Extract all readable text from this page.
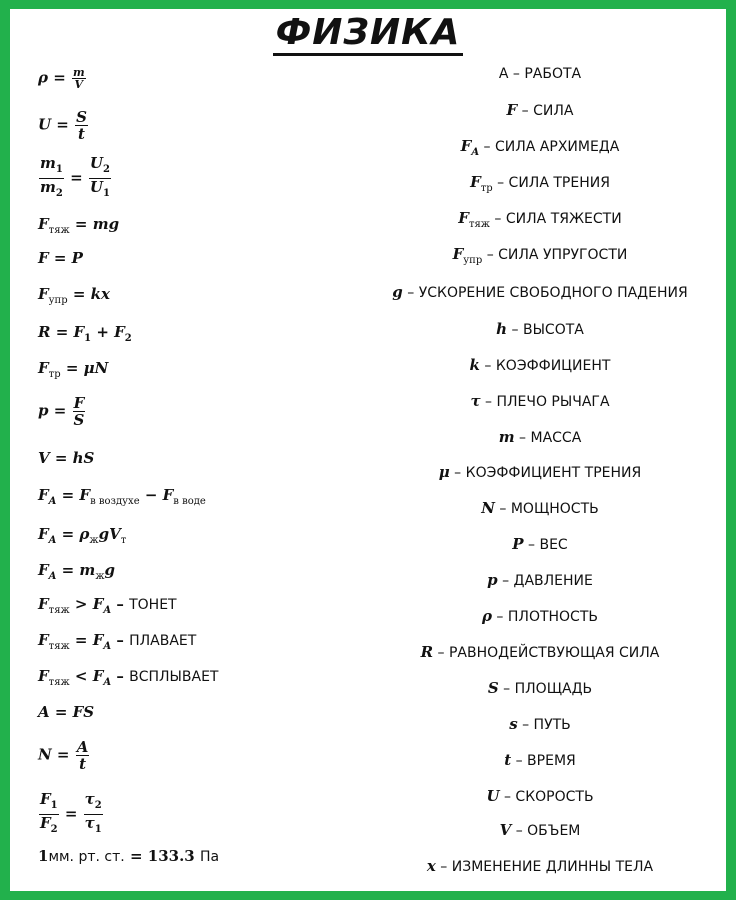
ФИЗИКА
$\rho = \frac{m}{V}$
$U = \frac{S}{t}$
$\frac{m_1}{m_2} = \frac{U_2}{U_1}$
$F_{тяж}$ = mg
F = P
$F_{упр}$ = kx
$R = F_1 + F_2$
$F_{тр} = \mu N$
$p = \frac{F}{S}$
V = hS
$F_A = F_{в воздухе} - F_{в воде}$
$F_A = \rho_жgV_т$
$F_A = m_жg$
$F_{тяж} > F_A$ – ТОНЕТ
$F_{тяж} = F_A$ – ПЛАВАЕТ
$F_{тяж} < F_A$ – ВСПЛЫВАЕТ
A = FS
$N = \frac{A}{t}$
$\frac{F_1}{F_2} = \frac{\tau_2}{\tau_1}$
1мм. рт. ст. = 133.3 Па
A – РАБОТА
F – СИЛА
$F_A$ – СИЛА АРХИМЕДА
$F_{тр}$ – СИЛА ТРЕНИЯ
$F_{тяж}$ – СИЛА ТЯЖЕСТИ
$F_{упр}$ – СИЛА УПРУГОСТИ
g – УСКОРЕНИЕ СВОБОДНОГО ПАДЕНИЯ
h – ВЫСОТА
k – КОЭФФИЦИЕНТ
τ – ПЛЕЧО РЫЧАГА
m – МАССА
μ – КОЭФФИЦИЕНТ ТРЕНИЯ
N – МОЩНОСТЬ
P – ВЕС
p – ДАВЛЕНИЕ
ρ – ПЛОТНОСТЬ
R – РАВНОДЕЙСТВУЮЩАЯ СИЛА
S – ПЛОЩАДЬ
s – ПУТЬ
t – ВРЕМЯ
U – СКОРОСТЬ
V – ОБЪЕМ
x – ИЗМЕНЕНИЕ ДЛИННЫ ТЕЛА
